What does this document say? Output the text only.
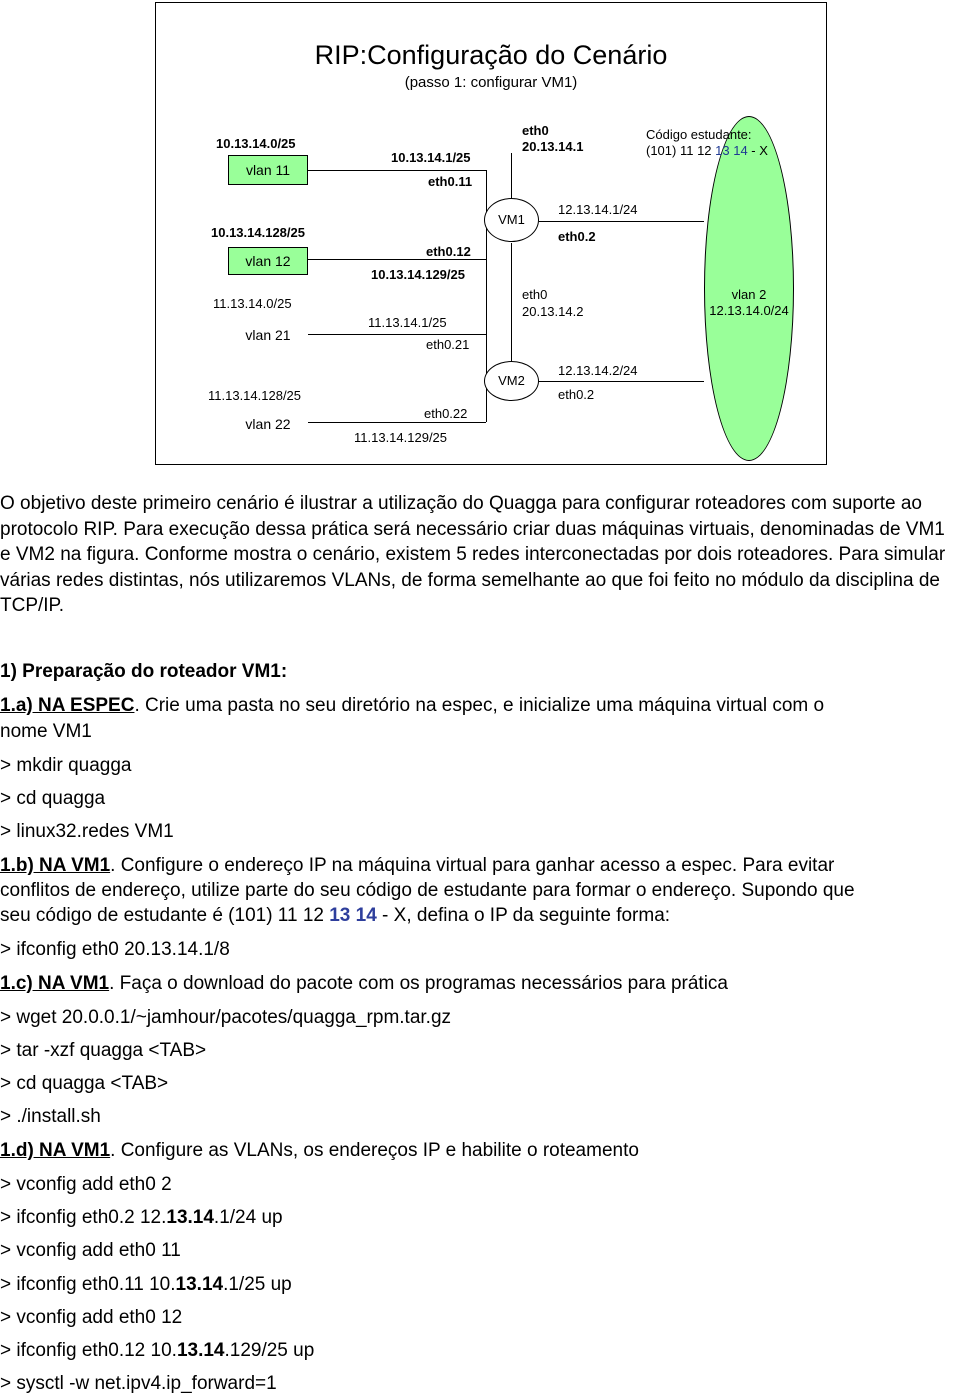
RIP:Configuração do Cenário
(passo 1: configurar VM1)
10.13.14.0/25
vlan 11
10.13.14.128/25
vlan 12
11.13.14.0/25
vlan 21
11.13.14.128/25
vlan 22
10.13.14.1/25
eth0.11
eth0.12
10.13.14.129/25
11.13.14.1/25
eth0.21
eth0.22
11.13.14.129/25
VM1
VM2
eth0
20.13.14.1
12.13.14.1/24
eth0.2
eth0
20.13.14.2
12.13.14.2/24
eth0.2
vlan 2
12.13.14.0/24
Código estudante:
(101) 11 12 13 14 - X
O objetivo deste primeiro cenário é ilustrar a utilização do Quagga para configurar roteadores com suporte ao protocolo RIP. Para execução dessa prática será necessário criar duas máquinas virtuais, denominadas de VM1 e VM2 na figura. Conforme mostra o cenário, existem 5 redes interconectadas por dois roteadores. Para simular várias redes distintas, nós utilizaremos VLANs, de forma semelhante ao que foi feito no módulo da disciplina de TCP/IP.
1) Preparação do roteador VM1:
1.a) NA ESPEC. Crie uma pasta no seu diretório na espec, e inicialize uma máquina virtual com o
nome VM1
> mkdir quagga
> cd quagga
> linux32.redes VM1
1.b) NA VM1. Configure o endereço IP na máquina virtual para ganhar acesso a espec. Para evitar
conflitos de endereço, utilize parte do seu código de estudante para formar o endereço. Supondo que
seu código de estudante é (101) 11 12 13 14 - X, defina o IP da seguinte forma:
> ifconfig eth0 20.13.14.1/8
1.c) NA VM1. Faça o download do pacote com os programas necessários para prática
> wget 20.0.0.1/~jamhour/pacotes/quagga_rpm.tar.gz
> tar -xzf quagga <TAB>
> cd quagga <TAB>
> ./install.sh
1.d) NA VM1. Configure as VLANs, os endereços IP e habilite o roteamento
> vconfig add eth0 2
> ifconfig eth0.2 12.13.14.1/24 up
> vconfig add eth0 11
> ifconfig eth0.11 10.13.14.1/25 up
> vconfig add eth0 12
> ifconfig eth0.12 10.13.14.129/25 up
> sysctl -w net.ipv4.ip_forward=1
